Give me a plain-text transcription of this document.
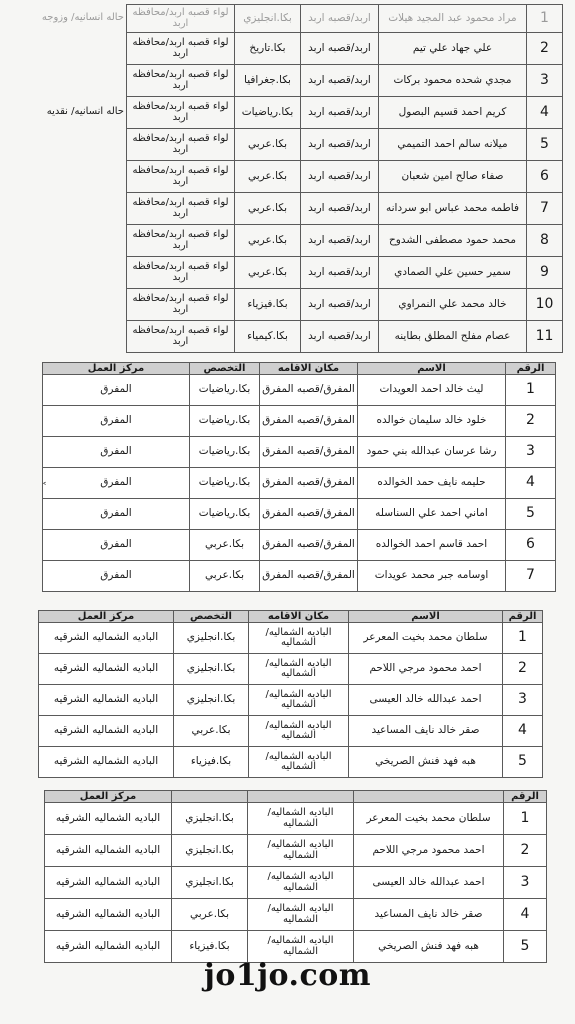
1	مراد محمود عبد المجيد هيلات	اربد/قصبه اربد	بكا.انجليزي	لواء قصبه اربد/محافظه اربد	حاله انسانيه/ وزوجه
2	علي جهاد علي تيم	اربد/قصبه اربد	بكا.تاريخ	لواء قصبه اربد/محافظه اربد	
3	مجدي شحده محمود بركات	اربد/قصبه اربد	بكا.جغرافيا	لواء قصبه اربد/محافظه اربد	
4	كريم احمد قسيم البصول	اربد/قصبه اربد	بكا.رياضيات	لواء قصبه اربد/محافظه اربد	حاله انسانيه/ نقديه
5	ميلانه سالم احمد التميمي	اربد/قصبه اربد	بكا.عربي	لواء قصبه اربد/محافظه اربد	
6	صفاء صالح امين شعبان	اربد/قصبه اربد	بكا.عربي	لواء قصبه اربد/محافظه اربد	
7	فاطمه محمد عباس ابو سردانه	اربد/قصبه اربد	بكا.عربي	لواء قصبه اربد/محافظه اربد	
8	محمد حمود مصطفى الشدوح	اربد/قصبه اربد	بكا.عربي	لواء قصبه اربد/محافظه اربد	
9	سمير حسين علي الصمادي	اربد/قصبه اربد	بكا.عربي	لواء قصبه اربد/محافظه اربد	
10	خالد محمد علي النمراوي	اربد/قصبه اربد	بكا.فيزياء	لواء قصبه اربد/محافظه اربد	
11	عصام مفلح المطلق بطاينه	اربد/قصبه اربد	بكا.كيمياء	لواء قصبه اربد/محافظه اربد	
الرقم	الاسم	مكان الاقامه	التخصص	مركز العمل
1	ليث خالد احمد العويدات	المفرق/قصبه المفرق	بكا.رياضيات	المفرق
2	خلود خالد سليمان خوالده	المفرق/قصبه المفرق	بكا.رياضيات	المفرق
3	رشا عرسان عبدالله بني حمود	المفرق/قصبه المفرق	بكا.رياضيات	المفرق
4	حليمه نايف حمد الخوالده	المفرق/قصبه المفرق	بكا.رياضيات	المفرق
5	اماني احمد علي السناسله	المفرق/قصبه المفرق	بكا.رياضيات	المفرق
6	احمد قاسم احمد الخوالده	المفرق/قصبه المفرق	بكا.عربي	المفرق
7	اوسامه جبر محمد عويدات	المفرق/قصبه المفرق	بكا.عربي	المفرق
˂
الرقم	الاسم	مكان الاقامه	التخصص	مركز العمل
1	سلطان محمد بخيت المعرعر	الباديه الشماليه/الشماليه	بكا.انجليزي	الباديه الشماليه الشرقيه
2	احمد محمود مرجي اللاحم	الباديه الشماليه/الشماليه	بكا.انجليزي	الباديه الشماليه الشرقيه
3	احمد عبدالله خالد العيسى	الباديه الشماليه/الشماليه	بكا.انجليزي	الباديه الشماليه الشرقيه
4	صقر خالد نايف المساعيد	الباديه الشماليه/الشماليه	بكا.عربي	الباديه الشماليه الشرقيه
5	هبه فهد فنش الصريخي	الباديه الشماليه/الشماليه	بكا.فيزياء	الباديه الشماليه الشرقيه
الرقم				مركز العمل
1	سلطان محمد بخيت المعرعر	الباديه الشماليه/الشماليه	بكا.انجليزي	الباديه الشماليه الشرقيه
2	احمد محمود مرجي اللاحم	الباديه الشماليه/الشماليه	بكا.انجليزي	الباديه الشماليه الشرقيه
3	احمد عبدالله خالد العيسى	الباديه الشماليه/الشماليه	بكا.انجليزي	الباديه الشماليه الشرقيه
4	صقر خالد نايف المساعيد	الباديه الشماليه/الشماليه	بكا.عربي	الباديه الشماليه الشرقيه
5	هبه فهد فنش الصريخي	الباديه الشماليه/الشماليه	بكا.فيزياء	الباديه الشماليه الشرقيه
jo1jo.com
